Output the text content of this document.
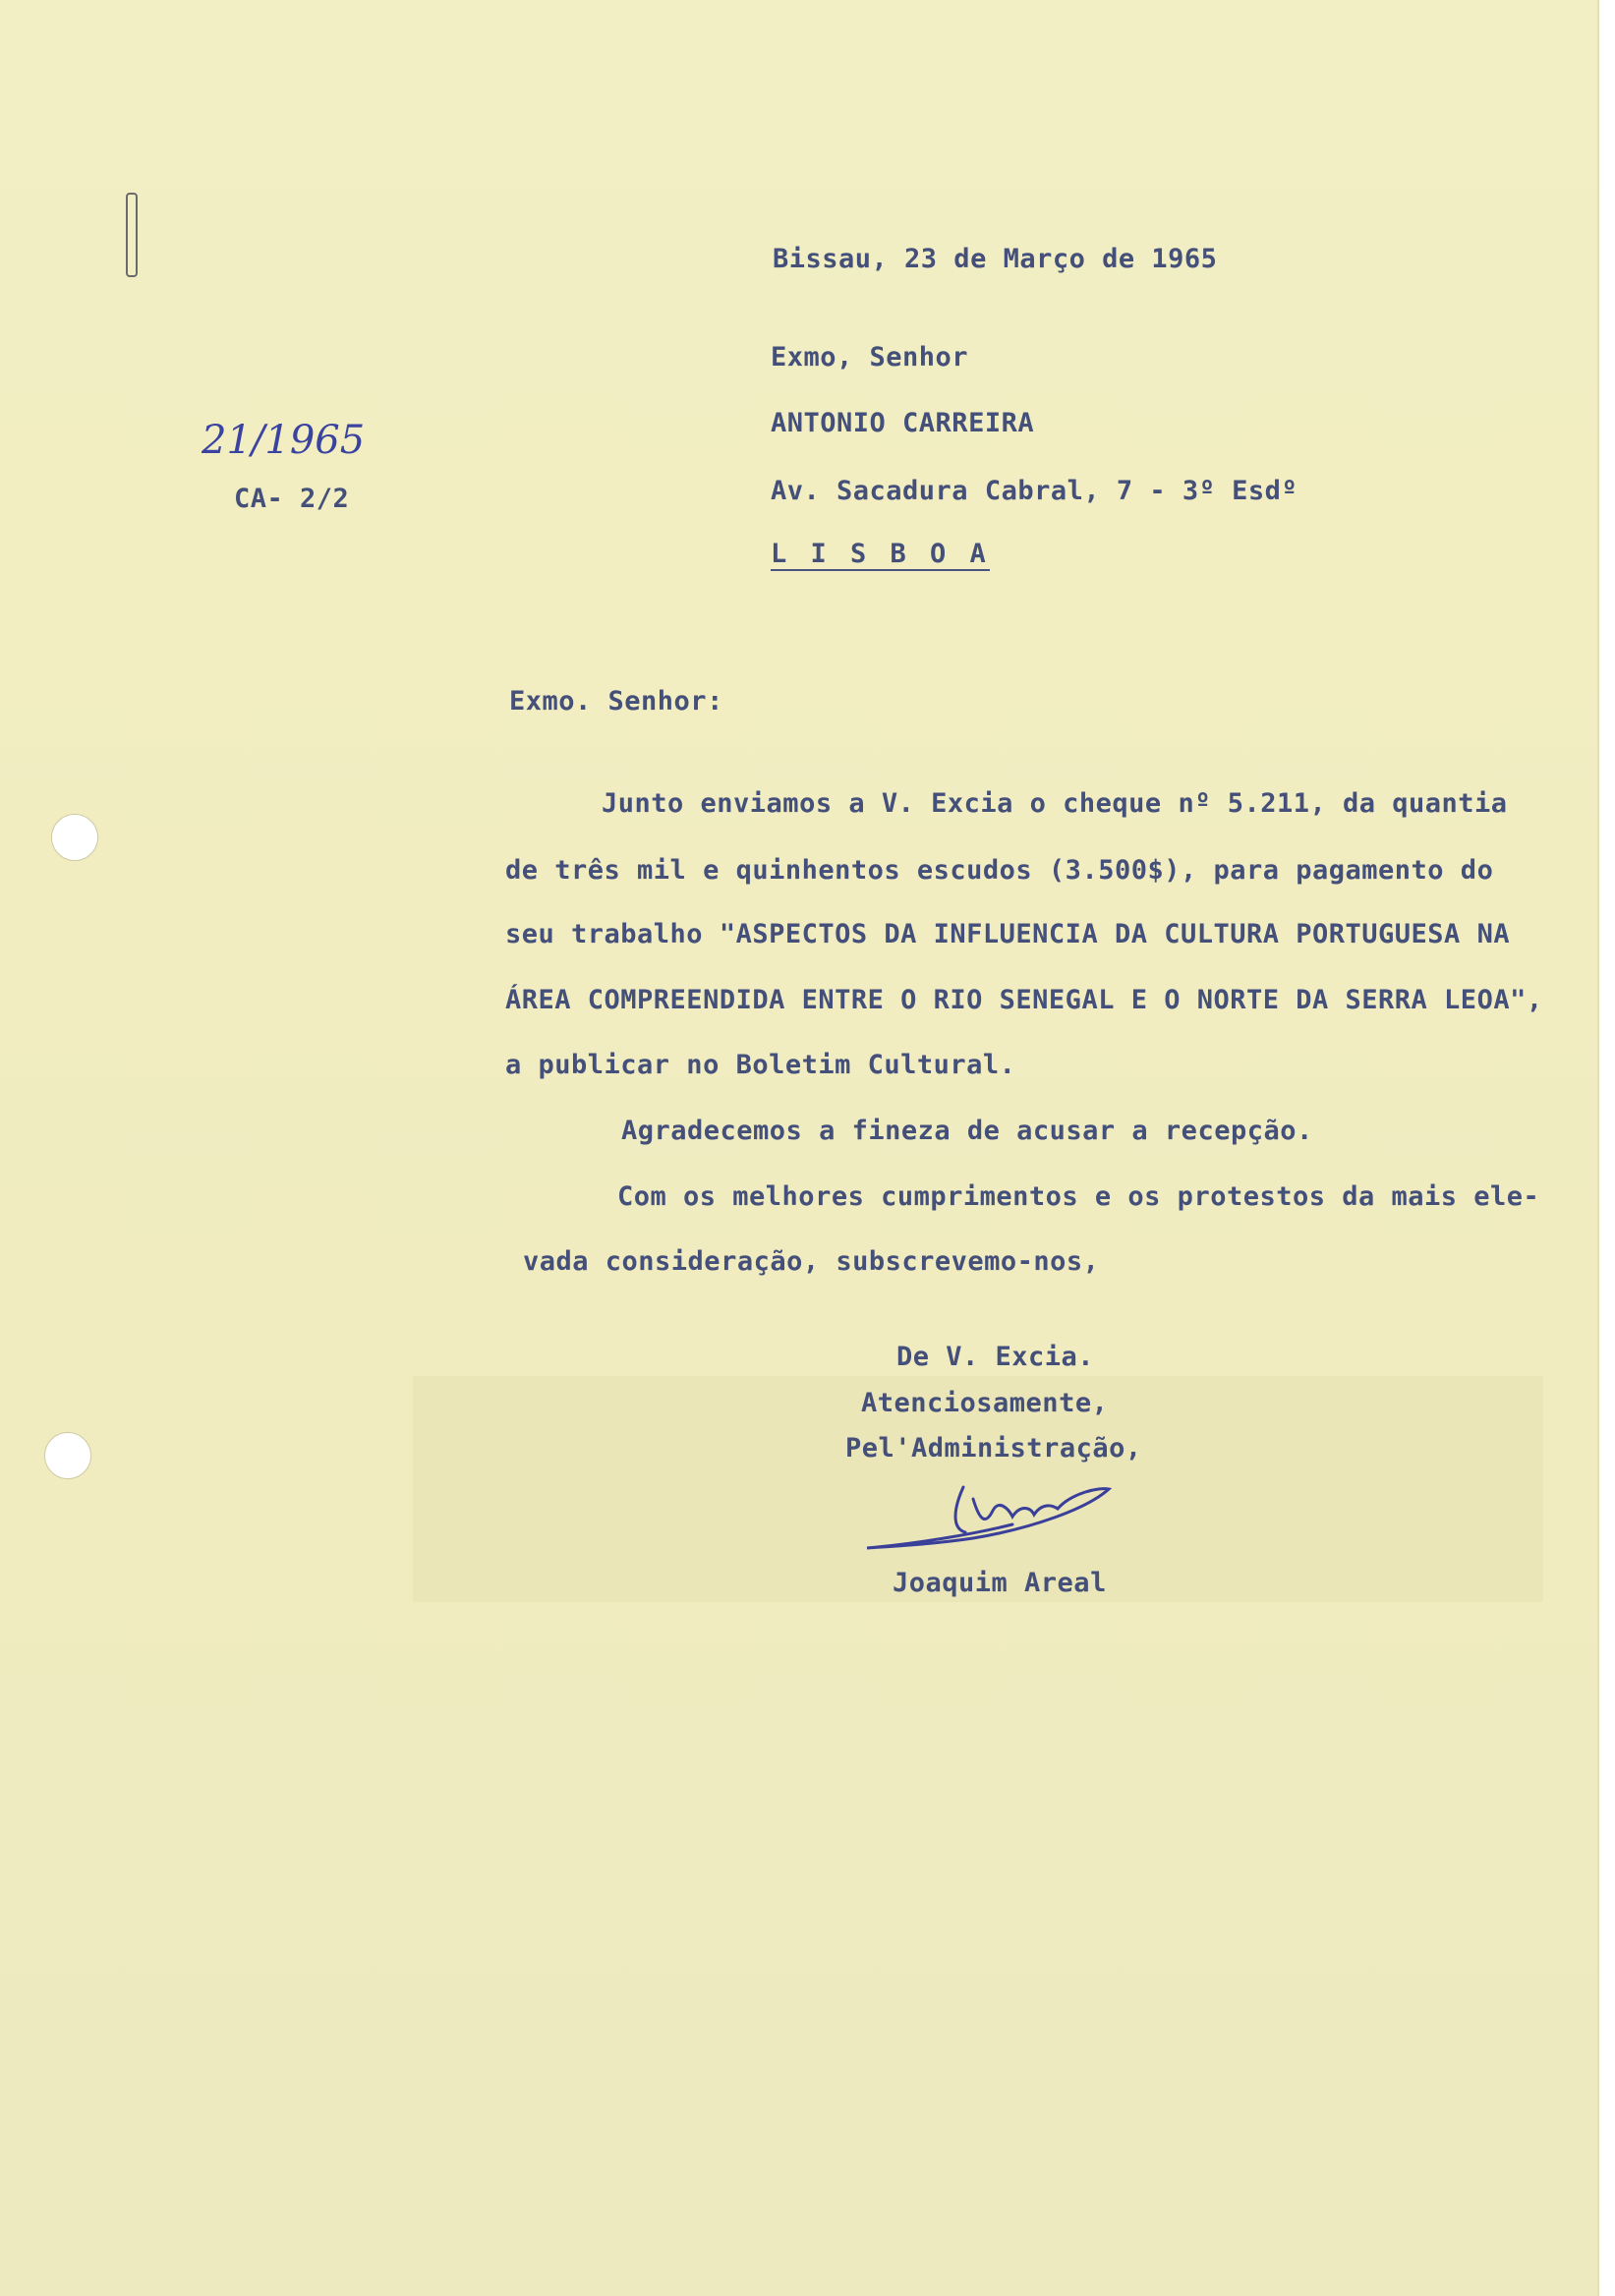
Bissau, 23 de Março de 1965
21/1965
CA- 2/2
Exmo, Senhor
ANTONIO CARREIRA
Av. Sacadura Cabral, 7 - 3º Esdº
L I S B O A
Exmo. Senhor:
Junto enviamos a V. Excia o cheque nº 5.211, da quantia
de três mil e quinhentos escudos (3.500$), para pagamento do
seu trabalho "ASPECTOS DA INFLUENCIA DA CULTURA PORTUGUESA NA
ÁREA COMPREENDIDA ENTRE O RIO SENEGAL E O NORTE DA SERRA LEOA",
a publicar no Boletim Cultural.
Agradecemos a fineza de acusar a recepção.
Com os melhores cumprimentos e os protestos da mais ele-
vada consideração, subscrevemo-nos,
De V. Excia.
Atenciosamente,
Pel'Administração,
Joaquim Areal
